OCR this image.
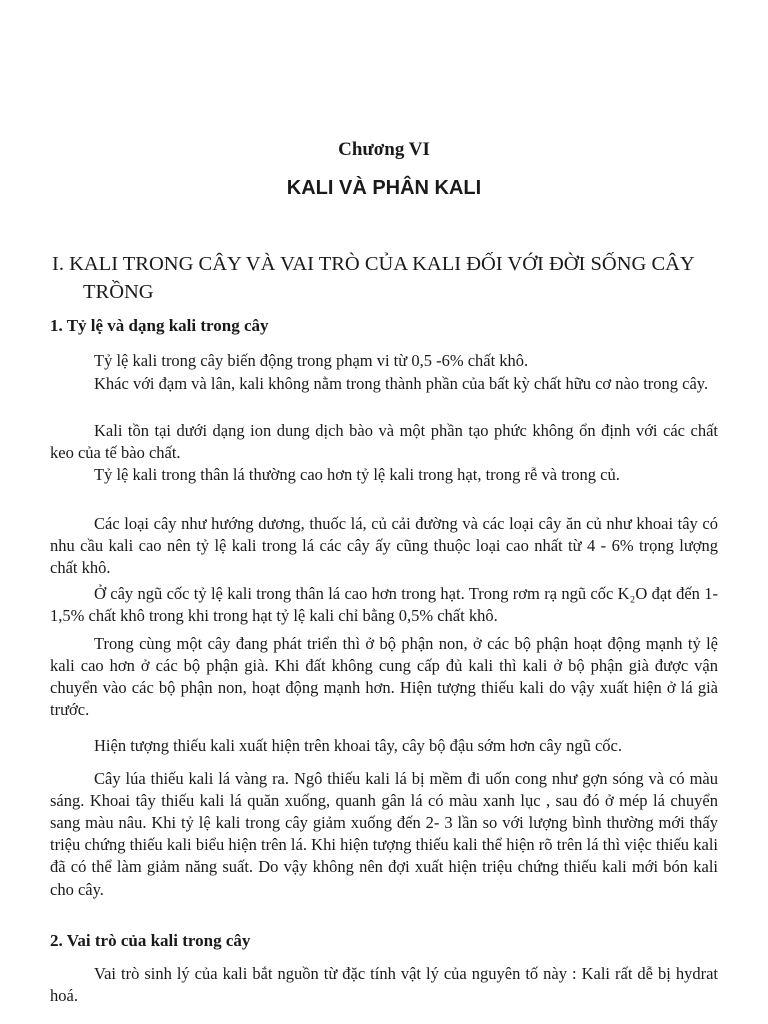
Chương VI
KALI VÀ PHÂN KALI
I. KALI TRONG CÂY VÀ VAI TRÒ CỦA KALI ĐỐI VỚI ĐỜI SỐNG CÂY
TRỒNG
1. Tỷ lệ và dạng kali trong cây

Tỷ lệ kali trong cây biến động trong phạm vi từ 0,5 -6% chất khô.

Khác với đạm và lân, kali không nằm trong thành phần của bất kỳ chất hữu cơ nào trong cây.

Kali tồn tại dưới dạng ion dung dịch bào và một phần tạo phức không ổn định với các chất keo của tế bào chất.

Tỷ lệ kali trong thân lá thường cao hơn tỷ lệ kali trong hạt, trong rễ và trong củ.

Các loại cây như hướng dương, thuốc lá, củ cải đường và các loại cây ăn củ như khoai tây có nhu cầu kali cao nên tỷ lệ kali trong lá các cây ấy cũng thuộc loại cao nhất từ 4 - 6% trọng lượng chất khô.

Ở cây ngũ cốc tỷ lệ kali trong thân lá cao hơn trong hạt. Trong rơm rạ ngũ cốc K₂O đạt đến 1-1,5% chất khô trong khi trong hạt tỷ lệ kali chỉ bằng 0,5% chất khô.

Trong cùng một cây đang phát triển thì ở bộ phận non, ở các bộ phận hoạt động mạnh tỷ lệ kali cao hơn ở các bộ phận già. Khi đất không cung cấp đủ kali thì kali ở bộ phận già được vận chuyển vào các bộ phận non, hoạt động mạnh hơn. Hiện tượng thiếu kali do vậy xuất hiện ở lá già trước.

Hiện tượng thiếu kali xuất hiện trên khoai tây, cây bộ đậu sớm hơn cây ngũ cốc.

Cây lúa thiếu kali lá vàng ra. Ngô thiếu kali lá bị mềm đi uốn cong như gợn sóng và có màu sáng. Khoai tây thiếu kali lá quăn xuống, quanh gân lá có màu xanh lục , sau đó ở mép lá chuyển sang màu nâu. Khi tỷ lệ kali trong cây giảm xuống đến 2- 3 lần so với lượng bình thường mới thấy triệu chứng thiếu kali biểu hiện trên lá. Khi hiện tượng thiếu kali thể hiện rõ trên lá thì việc thiếu kali đã có thể làm giảm năng suất. Do vậy không nên đợi xuất hiện triệu chứng thiếu kali mới bón kali cho cây.

2. Vai trò của kali trong cây

Vai trò sinh lý của kali bắt nguồn từ đặc tính vật lý của nguyên tố này : Kali rất dễ bị hydrat hoá.
